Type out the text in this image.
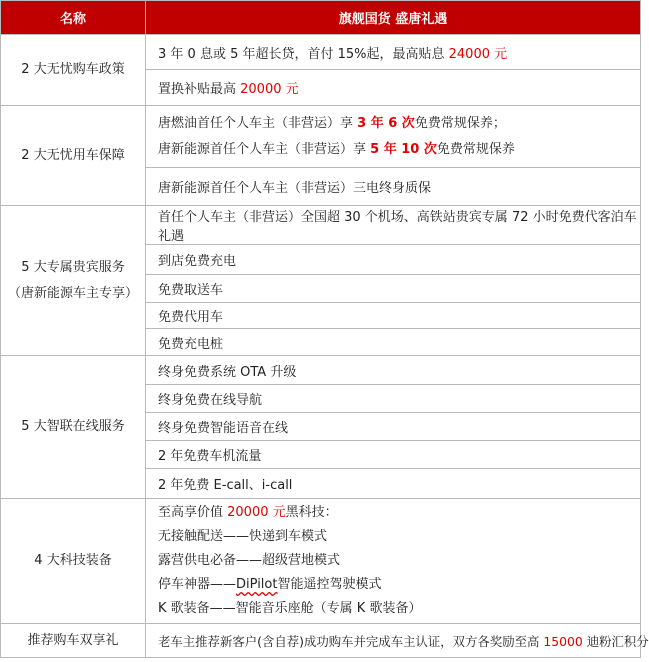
名称	旗舰国货 盛唐礼遇
2 大无忧购车政策	3 年 0 息或 5 年超长贷，首付 15%起，最高贴息 24000 元
	置换补贴最高 20000 元
2 大无忧用车保障	唐燃油首任个人车主（非营运）享 3 年 6 次免费常规保养；
唐新能源首任个人车主（非营运）享 5 年 10 次免费常规保养

	唐新能源首任个人车主（非营运）三电终身质保

5 大专属贵宾服务
（唐新能源车主专享）	首任个人车主（非营运）全国超 30 个机场、高铁站贵宾专属 72 小时免费代客泊车礼遇
	到店免费充电
	免费取送车
	免费代用车
	免费充电桩
5 大智联在线服务	终身免费系统 OTA 升级
	终身免费在线导航
	终身免费智能语音在线
	2 年免费车机流量
	2 年免费 E-call、i-call
4 大科技装备	至高享价值 20000 元黑科技：
无接触配送——快递到车模式
露营供电必备——超级营地模式
停车神器——DiPilot智能遥控驾驶模式
K 歌装备——智能音乐座舱（专属 K 歌装备）

推荐购车双享礼	老车主推荐新客户(含自荐)成功购车并完成车主认证，双方各奖励至高 15000 迪粉汇积分
